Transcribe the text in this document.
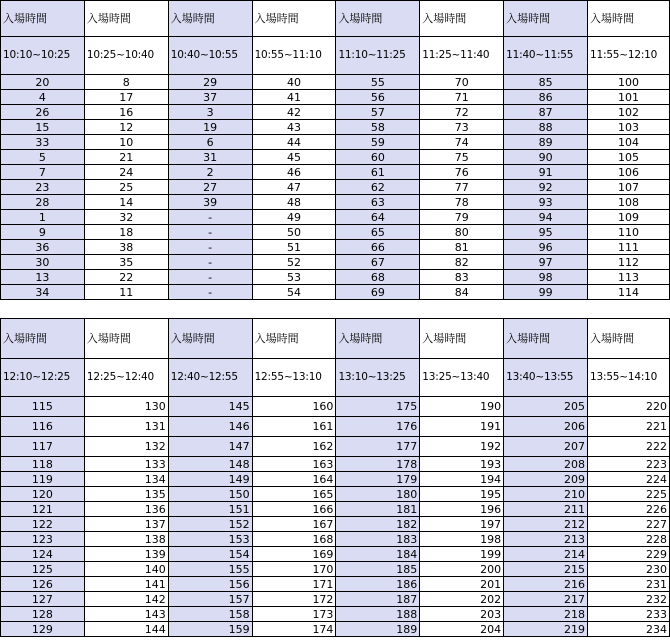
入場時間	入場時間	入場時間	入場時間	入場時間	入場時間	入場時間	入場時間
10:10~10:25	10:25~10:40	10:40~10:55	10:55~11:10	11:10~11:25	11:25~11:40	11:40~11:55	11:55~12:10
20	8	29	40	55	70	85	100
4	17	37	41	56	71	86	101
26	16	3	42	57	72	87	102
15	12	19	43	58	73	88	103
33	10	6	44	59	74	89	104
5	21	31	45	60	75	90	105
7	24	2	46	61	76	91	106
23	25	27	47	62	77	92	107
28	14	39	48	63	78	93	108
1	32	-	49	64	79	94	109
9	18	-	50	65	80	95	110
36	38	-	51	66	81	96	111
30	35	-	52	67	82	97	112
13	22	-	53	68	83	98	113
34	11	-	54	69	84	99	114
入場時間	入場時間	入場時間	入場時間	入場時間	入場時間	入場時間	入場時間
12:10~12:25	12:25~12:40	12:40~12:55	12:55~13:10	13:10~13:25	13:25~13:40	13:40~13:55	13:55~14:10
115	130	145	160	175	190	205	220
116	131	146	161	176	191	206	221
117	132	147	162	177	192	207	222
118	133	148	163	178	193	208	223
119	134	149	164	179	194	209	224
120	135	150	165	180	195	210	225
121	136	151	166	181	196	211	226
122	137	152	167	182	197	212	227
123	138	153	168	183	198	213	228
124	139	154	169	184	199	214	229
125	140	155	170	185	200	215	230
126	141	156	171	186	201	216	231
127	142	157	172	187	202	217	232
128	143	158	173	188	203	218	233
129	144	159	174	189	204	219	234
